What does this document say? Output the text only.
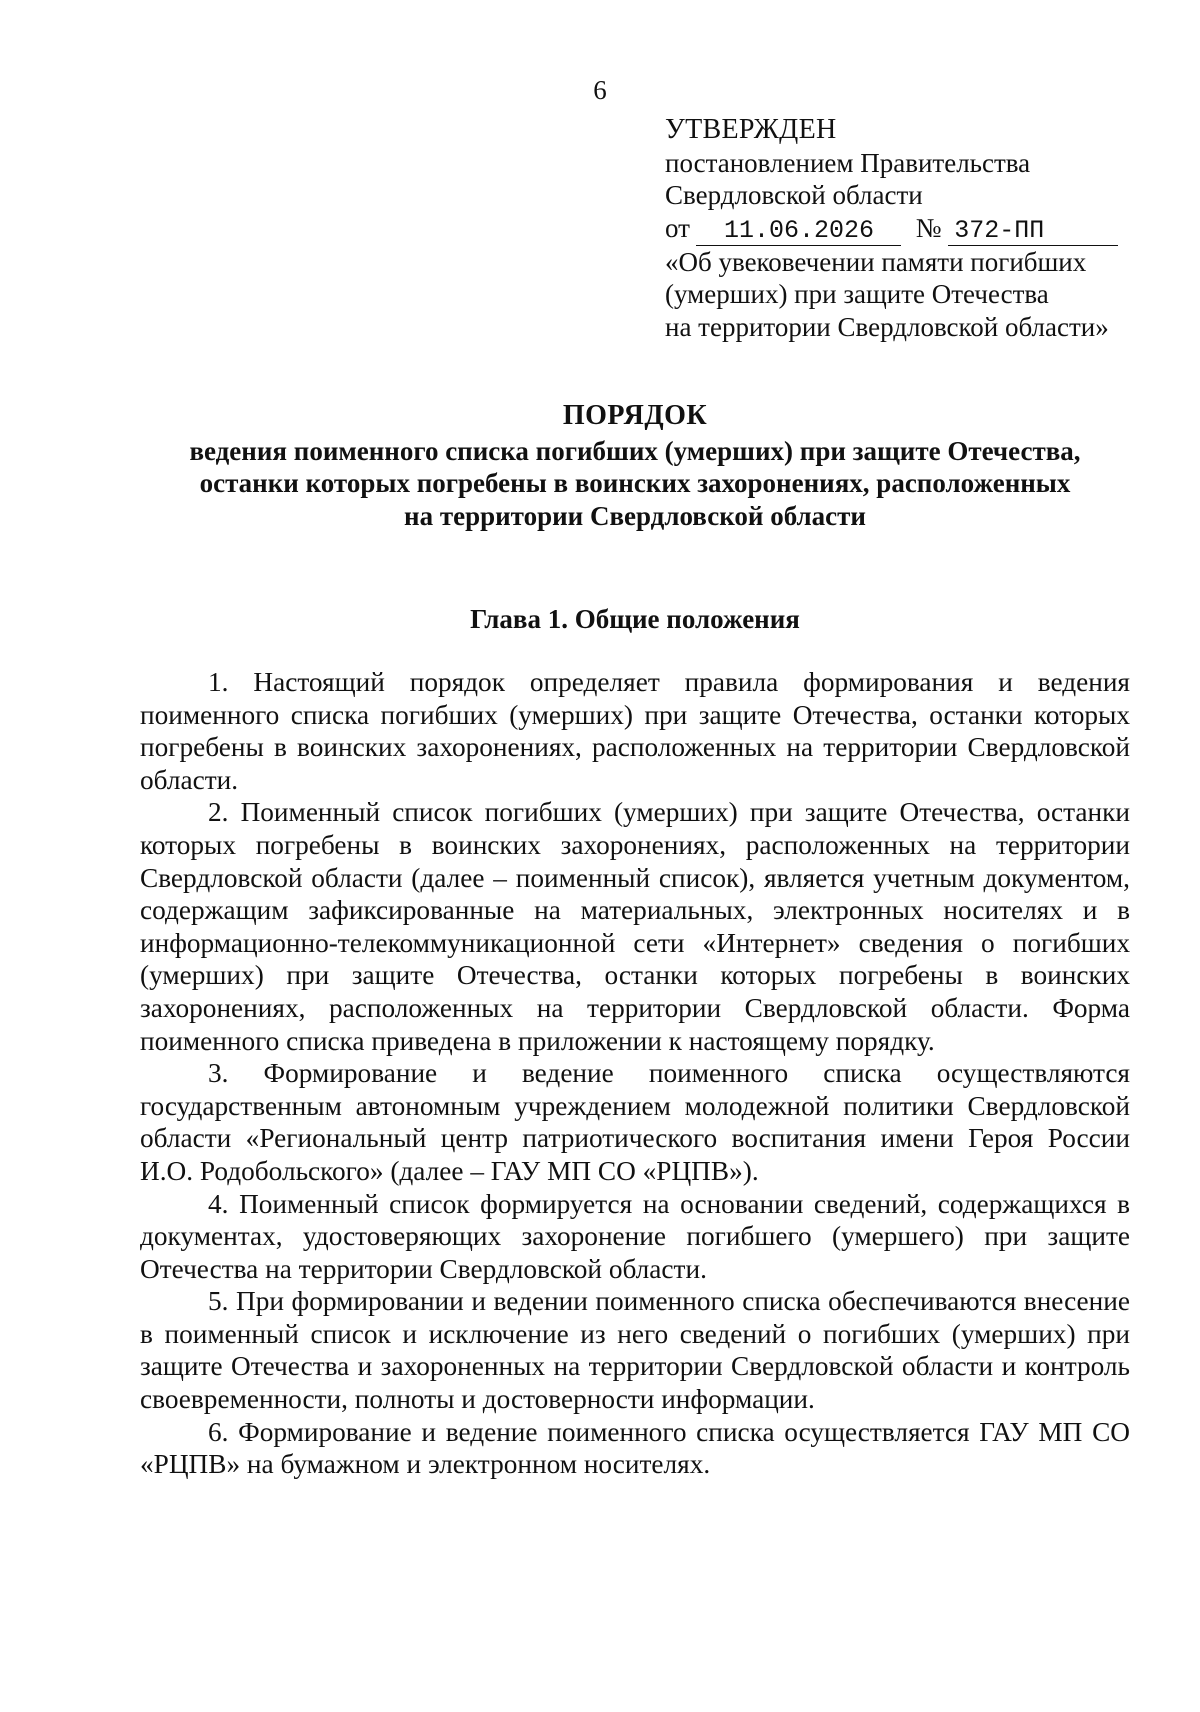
6
УТВЕРЖДЕН
постановлением Правительства
Свердловской области
от 11.06.2026 № 372-ПП
«Об увековечении памяти погибших
(умерших) при защите Отечества
на территории Свердловской области»
ПОРЯДОК
ведения поименного списка погибших (умерших) при защите Отечества,
останки которых погребены в воинских захоронениях, расположенных
на территории Свердловской области
Глава 1. Общие положения

1. Настоящий порядок определяет правила формирования и ведения поименного списка погибших (умерших) при защите Отечества, останки которых погребены в воинских захоронениях, расположенных на территории Свердловской области.

2. Поименный список погибших (умерших) при защите Отечества, останки которых погребены в воинских захоронениях, расположенных на территории Свердловской области (далее – поименный список), является учетным документом, содержащим зафиксированные на материальных, электронных носителях и в информационно-телекоммуникационной сети «Интернет» сведения о погибших (умерших) при защите Отечества, останки которых погребены в воинских захоронениях, расположенных на территории Свердловской области. Форма поименного списка приведена в приложении к настоящему порядку.

3. Формирование и ведение поименного списка осуществляются государственным автономным учреждением молодежной политики Свердловской области «Региональный центр патриотического воспитания имени Героя России И.О. Родобольского» (далее – ГАУ МП СО «РЦПВ»).

4. Поименный список формируется на основании сведений, содержащихся в документах, удостоверяющих захоронение погибшего (умершего) при защите Отечества на территории Свердловской области.

5. При формировании и ведении поименного списка обеспечиваются внесение в поименный список и исключение из него сведений о погибших (умерших) при защите Отечества и захороненных на территории Свердловской области и контроль своевременности, полноты и достоверности информации.

6. Формирование и ведение поименного списка осуществляется ГАУ МП СО «РЦПВ» на бумажном и электронном носителях.
